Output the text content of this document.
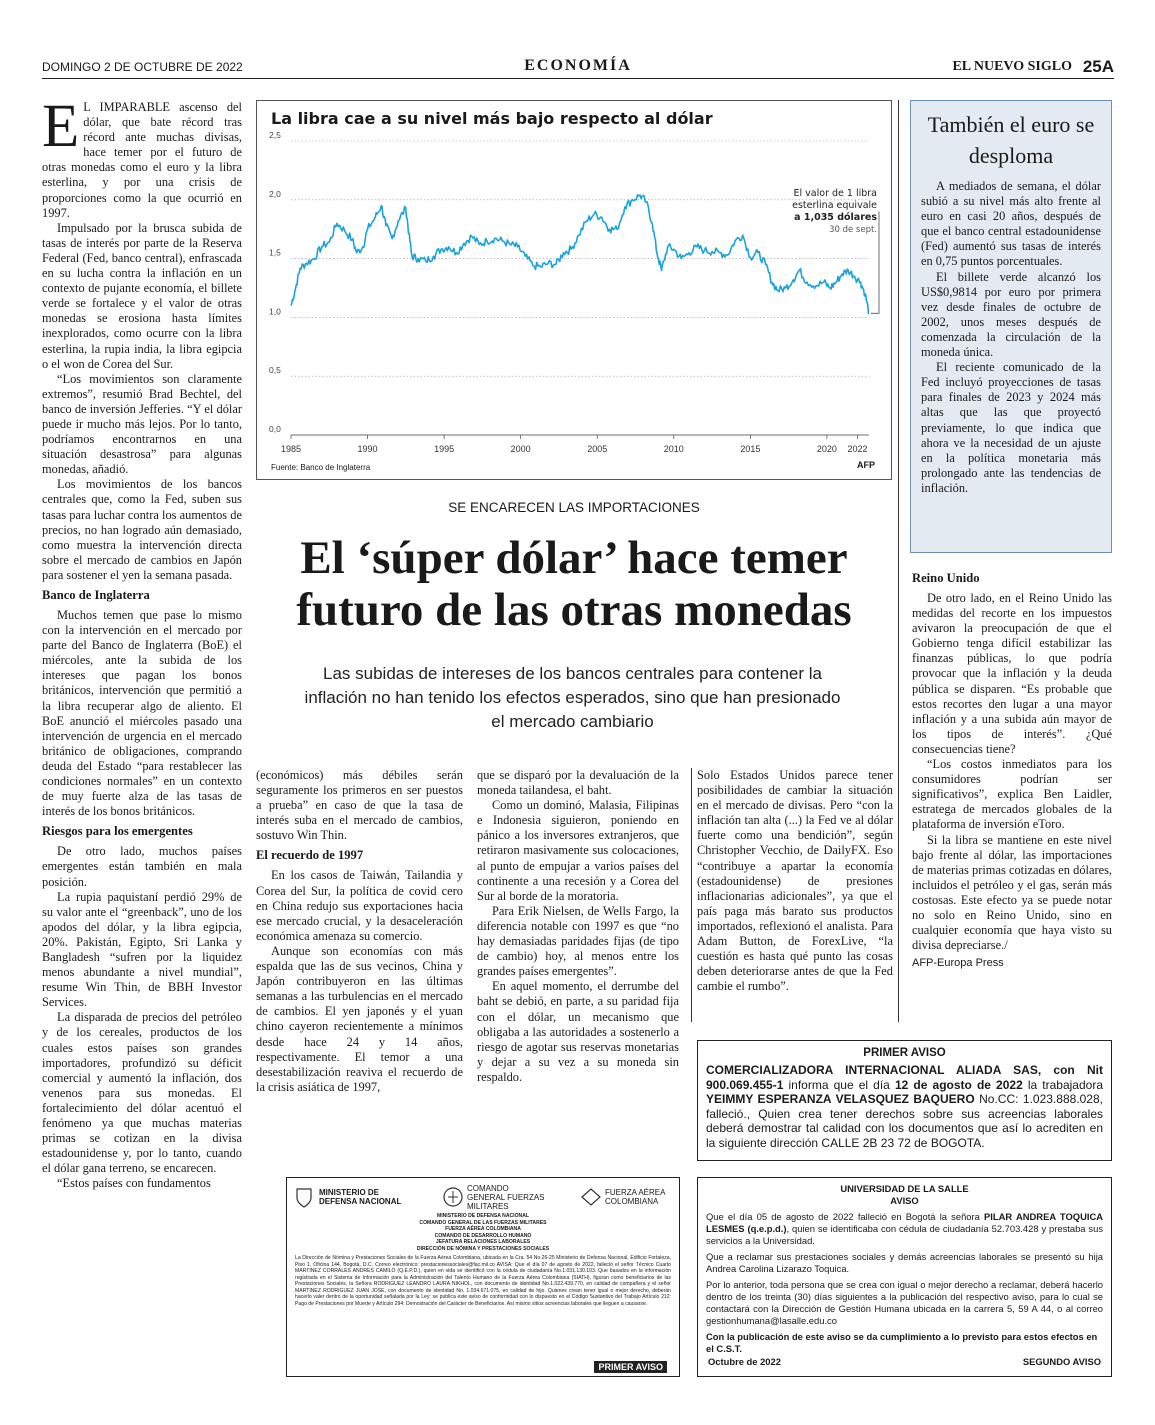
DOMINGO 2 DE OCTUBRE DE 2022	ECONOMÍA	EL NUEVO SIGLO 25A

E L IMPARABLE ascenso del dólar, que bate récord tras récord ante muchas divisas, hace temer por el futuro de otras monedas como el euro y la libra esterlina, y por una crisis de proporciones como la que ocurrió en 1997.

Impulsado por la brusca subida de tasas de interés por parte de la Reserva Federal (Fed, banco central), enfrascada en su lucha contra la inflación en un contexto de pujante economía, el billete verde se fortalece y el valor de otras monedas se erosiona hasta límites inexplorados, como ocurre con la libra esterlina, la rupia india, la libra egipcia o el won de Corea del Sur.

“Los movimientos son claramente extremos”, resumió Brad Bechtel, del banco de inversión Jefferies. “Y el dólar puede ir mucho más lejos. Por lo tanto, podríamos encontrarnos en una situación desastrosa” para algunas monedas, añadió.

Los movimientos de los bancos centrales que, como la Fed, suben sus tasas para luchar contra los aumentos de precios, no han logrado aún demasiado, como muestra la intervención directa sobre el mercado de cambios en Japón para sostener el yen la semana pasada.

Banco de Inglaterra

Muchos temen que pase lo mismo con la intervención en el mercado por parte del Banco de Inglaterra (BoE) el miércoles, ante la subida de los intereses que pagan los bonos británicos, intervención que permitió a la libra recuperar algo de aliento. El BoE anunció el miércoles pasado una intervención de urgencia en el mercado británico de obligaciones, comprando deuda del Estado “para restablecer las condiciones normales” en un contexto de muy fuerte alza de las tasas de interés de los bonos británicos.

Riesgos para los emergentes

De otro lado, muchos países emergentes están también en mala posición.

La rupia paquistaní perdió 29% de su valor ante el “greenback”, uno de los apodos del dólar, y la libra egipcia, 20%. Pakistán, Egipto, Sri Lanka y Bangladesh “sufren por la liquidez menos abundante a nivel mundial”, resume Win Thin, de BBH Investor Services.

La disparada de precios del petróleo y de los cereales, productos de los cuales estos países son grandes importadores, profundizó su déficit comercial y aumentó la inflación, dos venenos para sus monedas. El fortalecimiento del dólar acentuó el fenómeno ya que muchas materias primas se cotizan en la divisa estadounidense y, por lo tanto, cuando el dólar gana terreno, se encarecen.

“Estos países con fundamentos

La libra cae a su nivel más bajo respecto al dólar
0,0
0,5
1,0
1,5
2,0
2,5
1985	1990	1995	2000	2005	2010	2015	2020 2022
El valor de 1 libra
esterlina equivale
a 1,035 dólares
30 de sept.
Fuente: Banco de Inglaterra	AFP
SE ENCARECEN LAS IMPORTACIONES
El ‘súper dólar’ hace temer futuro de las otras monedas
Las subidas de intereses de los bancos centrales para contener la inflación no han tenido los efectos esperados, sino que han presionado el mercado cambiario

(económicos) más débiles serán seguramente los primeros en ser puestos a prueba” en caso de que la tasa de interés suba en el mercado de cambios, sostuvo Win Thin.

El recuerdo de 1997

En los casos de Taiwán, Tailandia y Corea del Sur, la política de covid cero en China redujo sus exportaciones hacia ese mercado crucial, y la desaceleración económica amenaza su comercio.

Aunque son economías con más espalda que las de sus vecinos, China y Japón contribuyeron en las últimas semanas a las turbulencias en el mercado de cambios. El yen japonés y el yuan chino cayeron recientemente a mínimos desde hace 24 y 14 años, respectivamente. El temor a una desestabilización reaviva el recuerdo de la crisis asiática de 1997,

que se disparó por la devaluación de la moneda tailandesa, el baht.

Como un dominó, Malasia, Filipinas e Indonesia siguieron, poniendo en pánico a los inversores extranjeros, que retiraron masivamente sus colocaciones, al punto de empujar a varios países del continente a una recesión y a Corea del Sur al borde de la moratoria.

Para Erik Nielsen, de Wells Fargo, la diferencia notable con 1997 es que “no hay demasiadas paridades fijas (de tipo de cambio) hoy, al menos entre los grandes países emergentes”.

En aquel momento, el derrumbe del baht se debió, en parte, a su paridad fija con el dólar, un mecanismo que obligaba a las autoridades a sostenerlo a riesgo de agotar sus reservas monetarias y dejar a su vez a su moneda sin respaldo.

Solo Estados Unidos parece tener posibilidades de cambiar la situación en el mercado de divisas. Pero “con la inflación tan alta (...) la Fed ve al dólar fuerte como una bendición”, según Christopher Vecchio, de DailyFX. Eso “contribuye a apartar la economía (estadounidense) de presiones inflacionarias adicionales”, ya que el país paga más barato sus productos importados, reflexionó el analista. Para Adam Button, de ForexLive, “la cuestión es hasta qué punto las cosas deben deteriorarse antes de que la Fed cambie el rumbo”.

También el euro se desploma

A mediados de semana, el dólar subió a su nivel más alto frente al euro en casi 20 años, después de que el banco central estadounidense (Fed) aumentó sus tasas de interés en 0,75 puntos porcentuales.

El billete verde alcanzó los US$0,9814 por euro por primera vez desde finales de octubre de 2002, unos meses después de comenzada la circulación de la moneda única.

El reciente comunicado de la Fed incluyó proyecciones de tasas para finales de 2023 y 2024 más altas que las que proyectó previamente, lo que indica que ahora ve la necesidad de un ajuste en la política monetaria más prolongado ante las tendencias de inflación.

Reino Unido

De otro lado, en el Reino Unido las medidas del recorte en los impuestos avivaron la preocupación de que el Gobierno tenga difícil estabilizar las finanzas públicas, lo que podría provocar que la inflación y la deuda pública se disparen. “Es probable que estos recortes den lugar a una mayor inflación y a una subida aún mayor de los tipos de interés”. ¿Qué consecuencias tiene?

“Los costos inmediatos para los consumidores podrían ser significativos”, explica Ben Laidler, estratega de mercados globales de la plataforma de inversión eToro.

Si la libra se mantiene en este nivel bajo frente al dólar, las importaciones de materias primas cotizadas en dólares, incluidos el petróleo y el gas, serán más costosas. Este efecto ya se puede notar no solo en Reino Unido, sino en cualquier economía que haya visto su divisa depreciarse./

AFP-Europa Press

PRIMER AVISO
COMERCIALIZADORA INTERNACIONAL ALIADA SAS, con Nit 900.069.455-1 informa que el día 12 de agosto de 2022 la trabajadora YEIMMY ESPERANZA VELASQUEZ BAQUERO No.CC: 1.023.888.028, falleció., Quien crea tener derechos sobre sus acreencias laborales deberá demostrar tal calidad con los documentos que así lo acrediten en la siguiente dirección CALLE 2B 23 72 de BOGOTA.
MINISTERIO DE DEFENSA NACIONAL
COMANDO GENERAL FUERZAS MILITARES
FUERZA AÉREA COLOMBIANA
MINISTERIO DE DEFENSA NACIONAL
COMANDO GENERAL DE LAS FUERZAS MILITARES
FUERZA AÉREA COLOMBIANA
COMANDO DE DESARROLLO HUMANO
JEFATURA RELACIONES LABORALES
DIRECCIÓN DE NÓMINA Y PRESTACIONES SOCIALES
La Dirección de Nómina y Prestaciones Sociales de la Fuerza Aérea Colombiana, ubicada en la Cra. 54 No.26-25 Ministerio de Defensa Nacional, Edificio Fortaleza, Piso 1, Oficina 144, Bogotá, D.C. Correo electrónico: prestacionessociales@fac.mil.co AVISA: Que el día 07 de agosto de 2022, falleció el señor Técnico Cuarto MARTINEZ CORRALES ANDRES CAMILO (Q.E.P.D.), quien en vida se identificó con la cédula de ciudadanía No.1.031.130.103. Que basados en la información registrada en el Sistema de Información para la Administración del Talento Humano de la Fuerza Aérea Colombiana (SIATH), figuran como beneficiarios de las Prestaciones Sociales, la Señora RODRIGUEZ LEANDRO LAURA NIKHOL, con documento de identidad No.1.022.439.770, en calidad de compañera y el señor MARTINEZ RODRIGUEZ JUAN JOSE, con documento de identidad No. 1.034.671.075, en calidad de hijo. Quienes crean tener igual o mejor derecho, deberán hacerlo valer dentro de la oportunidad señalada por la Ley; se publica este aviso de conformidad con lo dispuesto en el Código Sustantivo del Trabajo Artículo 212: Pago de Prestaciones por Muerte y Artículo 294: Demostración del Carácter de Beneficiarios. Así mismo sitios acreencias laborales que lleguen a causarse.
PRIMER AVISO
UNIVERSIDAD DE LA SALLE
AVISO

Que el día 05 de agosto de 2022 falleció en Bogotá la señora PILAR ANDREA TOQUICA LESMES (q.e.p.d.), quien se identificaba con cédula de ciudadanía 52.703.428 y prestaba sus servicios a la Universidad.

Que a reclamar sus prestaciones sociales y demás acreencias laborales se presentó su hija Andrea Carolina Lizarazo Toquica.

Por lo anterior, toda persona que se crea con igual o mejor derecho a reclamar, deberá hacerlo dentro de los treinta (30) días siguientes a la publicación del respectivo aviso, para lo cual se contactará con la Dirección de Gestión Humana ubicada en la carrera 5, 59 A 44, o al correo gestionhumana@lasalle.edu.co

Con la publicación de este aviso se da cumplimiento a lo previsto para estos efectos en el C.S.T.

Octubre de 2022	SEGUNDO AVISO
